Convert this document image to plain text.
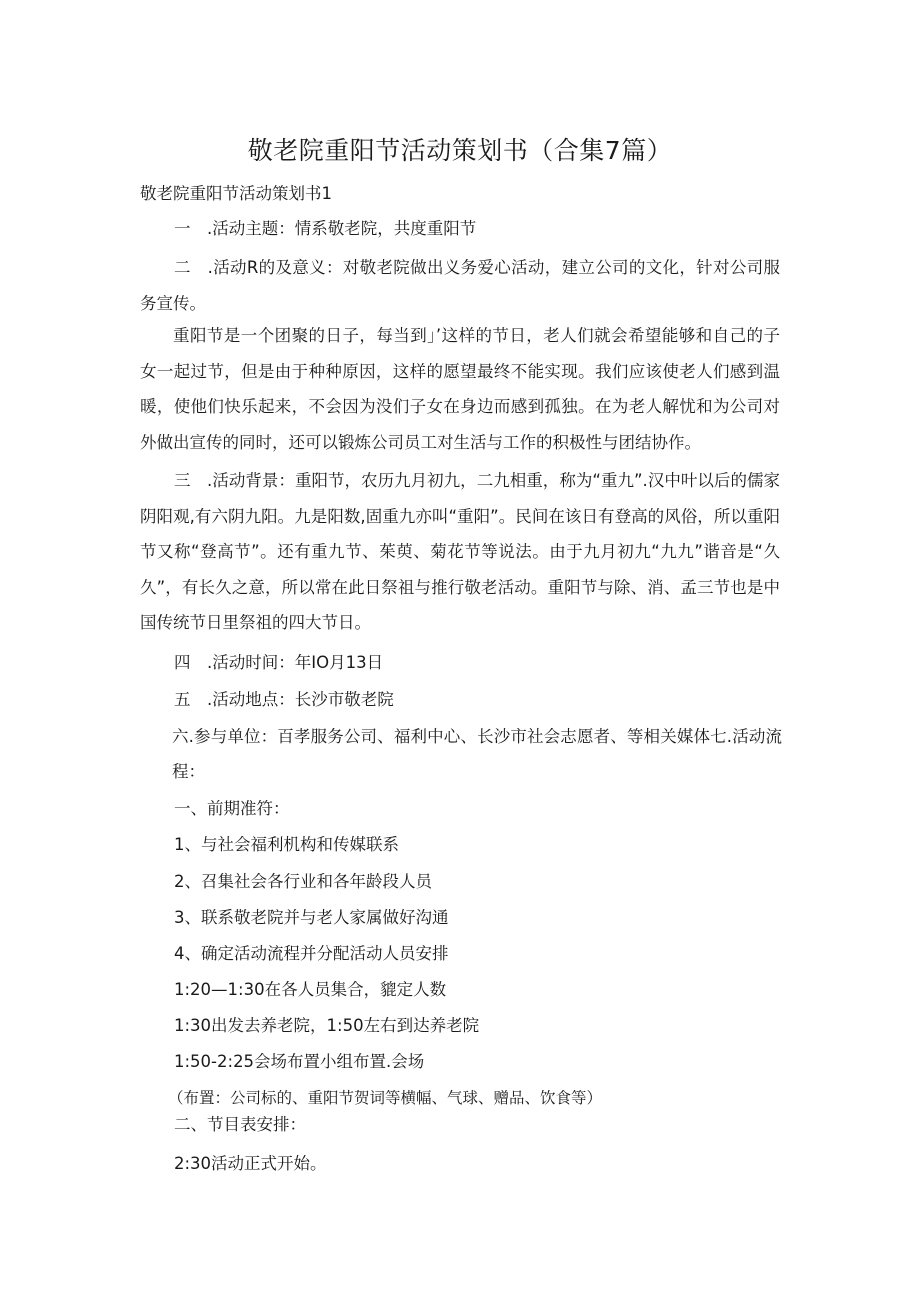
敬老院重阳节活动策划书（合集7篇）
敬老院重阳节活动策划书1
一　.活动主题：情系敬老院，共度重阳节
二　.活动R的及意义：对敬老院做出义务爱心活动，建立公司的文化，针对公司服务宣传。
重阳节是一个团聚的日子，每当到」’这样的节日，老人们就会希望能够和自己的子女一起过节，但是由于种种原因，这样的愿望最终不能实现。我们应该使老人们感到温暖，使他们快乐起来，不会因为没们子女在身边而感到孤独。在为老人解忧和为公司对外做出宣传的同时，还可以锻炼公司员工对生活与工作的积极性与团结协作。
三　.活动背景：重阳节，农历九月初九，二九相重，称为“重九”.汉中叶以后的儒家阴阳观,有六阴九阳。九是阳数,固重九亦叫“重阳”。民间在该日有登高的风俗，所以重阳节又称“登高节”。还有重九节、茱萸、菊花节等说法。由于九月初九“九九”谐音是“久久”，有长久之意，所以常在此日祭祖与推行敬老活动。重阳节与除、消、孟三节也是中国传统节日里祭祖的四大节日。
四　.活动时间：年IO月13日
五　.活动地点：长沙市敬老院
六.参与单位：百孝服务公司、福利中心、长沙市社会志愿者、等相关媒体七.活动流程：
一、前期准符：
1、与社会福利机构和传媒联系
2、召集社会各行业和各年龄段人员
3、联系敬老院并与老人家属做好沟通
4、确定活动流程并分配活动人员安排
1:20—1:30在各人员集合，貔定人数
1:30出发去养老院，1:50左右到达养老院
1:50-2:25会场布置小组布置.会场
（布置：公司标的、重阳节贺词等横幅、气球、赠品、饮食等）
二、节目表安排：
2:30活动正式开始。
